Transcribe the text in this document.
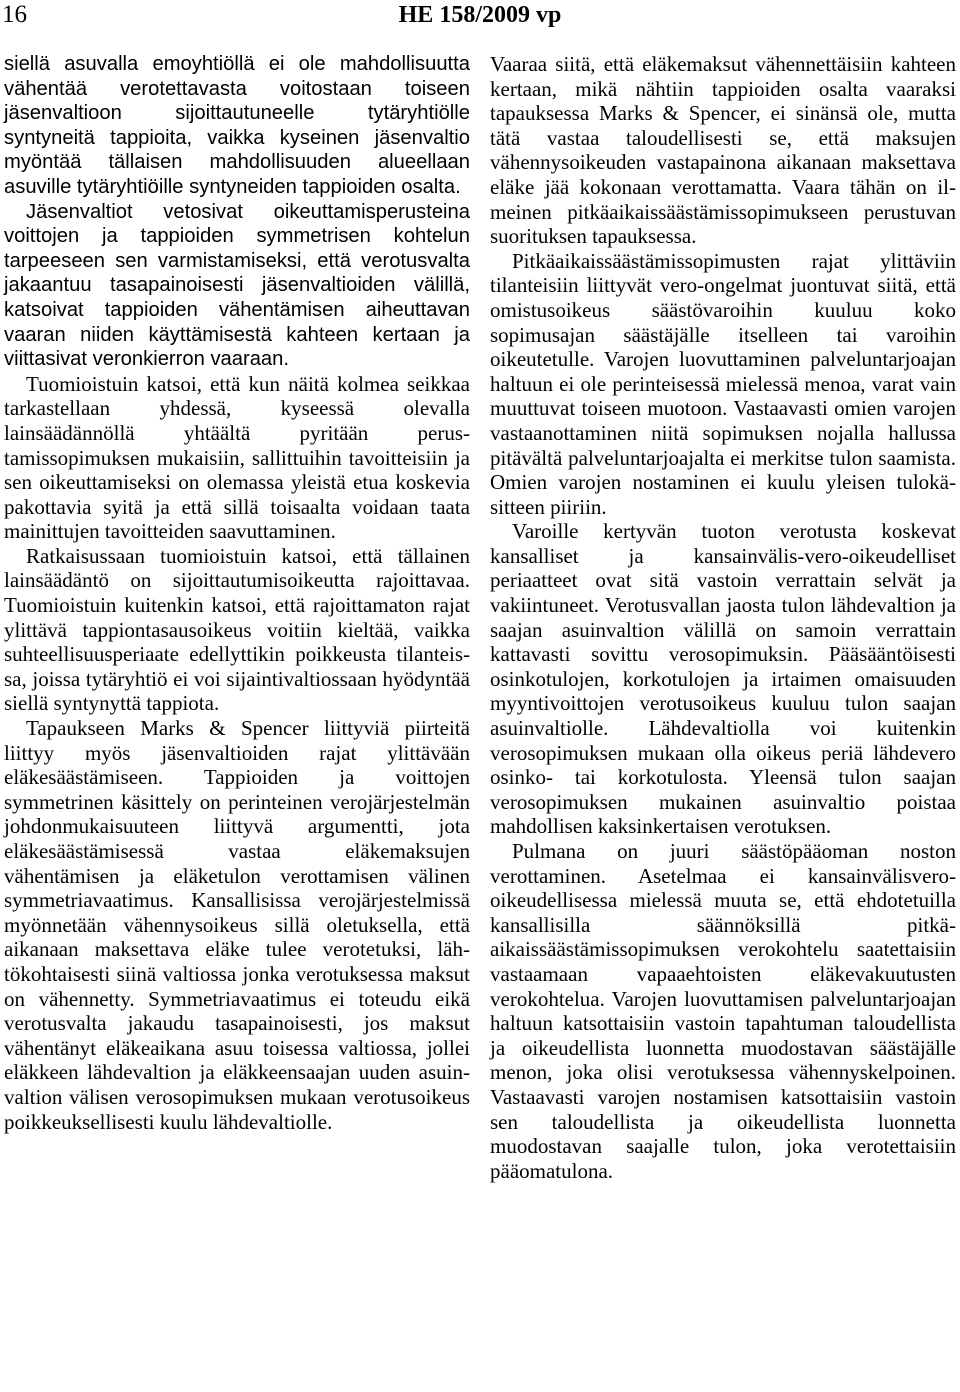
16	HE 158/2009 vp

siellä asuvalla emoyhtiöllä ei ole mahdollisuutta vähentää verotettavasta voitostaan toiseen jäsenvaltioon sijoittautuneelle tytäryhtiölle syntyneitä tappioita, vaikka kyseinen jäsenvaltio myöntää tällaisen mahdollisuuden alueellaan asuville tytäryhtiöille syntyneiden tappioiden osalta.

Jäsenvaltiot vetosivat oikeuttamisperusteina voittojen ja tappioiden symmetrisen kohtelun tarpeeseen sen varmistamiseksi, että verotusvalta jakaantuu tasapainoisesti jäsenvaltioiden välillä, katsoivat tappioiden vähentämisen aiheuttavan vaaran niiden käyttämisestä kahteen kertaan ja viittasivat veronkierron vaaraan.

Tuomioistuin katsoi, että kun näitä kolmea seikkaa tarkastellaan yhdessä, kyseessä olevalla lainsäädännöllä yhtäältä pyritään perustamissopimuksen mukaisiin, sallittuihin tavoitteisiin ja sen oikeuttamiseksi on olemassa yleistä etua koskevia pakottavia syitä ja että sillä toisaalta voidaan taata mainittujen tavoitteiden saavuttaminen.

Ratkaisussaan tuomioistuin katsoi, että tällainen lainsäädäntö on sijoittautumisoikeutta rajoittavaa. Tuomioistuin kuitenkin katsoi, että rajoittamaton rajat ylittävä tappiontasausoikeus voitiin kieltää, vaikka suhteellisuusperiaate edellyttikin poikkeusta tilanteissa, joissa tytäryhtiö ei voi sijaintivaltiossaan hyödyntää siellä syntynyttä tappiota.

Tapaukseen Marks & Spencer liittyviä piirteitä liittyy myös jäsenvaltioiden rajat ylittävään eläkesäästämiseen. Tappioiden ja voittojen symmetrinen käsittely on perinteinen verojärjestelmän johdonmukaisuuteen liittyvä argumentti, jota eläkesäästämisessä vastaa eläkemaksujen vähentämisen ja eläketulon verottamisen välinen symmetriavaatimus. Kansallisissa verojärjestelmissä myönnetään vähennysoikeus sillä oletuksella, että aikanaan maksettava eläke tulee verotetuksi, lähtökohtaisesti siinä valtiossa jonka verotuksessa maksut on vähennetty. Symmetriavaatimus ei toteudu eikä verotusvalta jakaudu tasapainoisesti, jos maksut vähentänyt eläkeaikana asuu toisessa valtiossa, jollei eläkkeen lähdevaltion ja eläkkeensaajan uuden asuinvaltion välisen verosopimuksen mukaan verotusoikeus poikkeuksellisesti kuulu lähdevaltiolle.

Vaaraa siitä, että eläkemaksut vähennettäisiin kahteen kertaan, mikä nähtiin tappioiden osalta vaaraksi tapauksessa Marks & Spencer, ei sinänsä ole, mutta tätä vastaa taloudellisesti se, että maksujen vähennysoikeuden vastapainona aikanaan maksettava eläke jää kokonaan verottamatta. Vaara tähän on ilmeinen pitkäaikaissäästämissopimukseen perustuvan suorituksen tapauksessa.

Pitkäaikaissäästämissopimusten rajat ylittäviin tilanteisiin liittyvät vero-ongelmat juontuvat siitä, että omistusoikeus säästövaroihin kuuluu koko sopimusajan säästäjälle itselleen tai varoihin oikeutetulle. Varojen luovuttaminen palveluntarjoajan haltuun ei ole perinteisessä mielessä menoa, varat vain muuttuvat toiseen muotoon. Vastaavasti omien varojen vastaanottaminen niitä sopimuksen nojalla hallussa pitävältä palveluntarjoajalta ei merkitse tulon saamista. Omien varojen nostaminen ei kuulu yleisen tulokäsitteen piiriin.

Varoille kertyvän tuoton verotusta koskevat kansalliset ja kansainvälis-vero-oikeudelliset periaatteet ovat sitä vastoin verrattain selvät ja vakiintuneet. Verotusvallan jaosta tulon lähdevaltion ja saajan asuinvaltion välillä on samoin verrattain kattavasti sovittu verosopimuksin. Pääsääntöisesti osinkotulojen, korkotulojen ja irtaimen omaisuuden myyntivoittojen verotusoikeus kuuluu tulon saajan asuinvaltiolle. Lähdevaltiolla voi kuitenkin verosopimuksen mukaan olla oikeus periä lähdevero osinko- tai korkotulosta. Yleensä tulon saajan verosopimuksen mukainen asuinvaltio poistaa mahdollisen kaksinkertaisen verotuksen.

Pulmana on juuri säästöpääoman noston verottaminen. Asetelmaa ei kansainvälisvero-oikeudellisessa mielessä muuta se, että ehdotetuilla kansallisilla säännöksillä pitkäaikaissäästämissopimuksen verokohtelu saatettaisiin vastaamaan vapaaehtoisten eläkevakuutusten verokohtelua. Varojen luovuttamisen palveluntarjoajan haltuun katsottaisiin vastoin tapahtuman taloudellista ja oikeudellista luonnetta muodostavan säästäjälle menon, joka olisi verotuksessa vähennyskelpoinen. Vastaavasti varojen nostamisen katsottaisiin vastoin sen taloudellista ja oikeudellista luonnetta muodostavan saajalle tulon, joka verotettaisiin pääomatulona.
